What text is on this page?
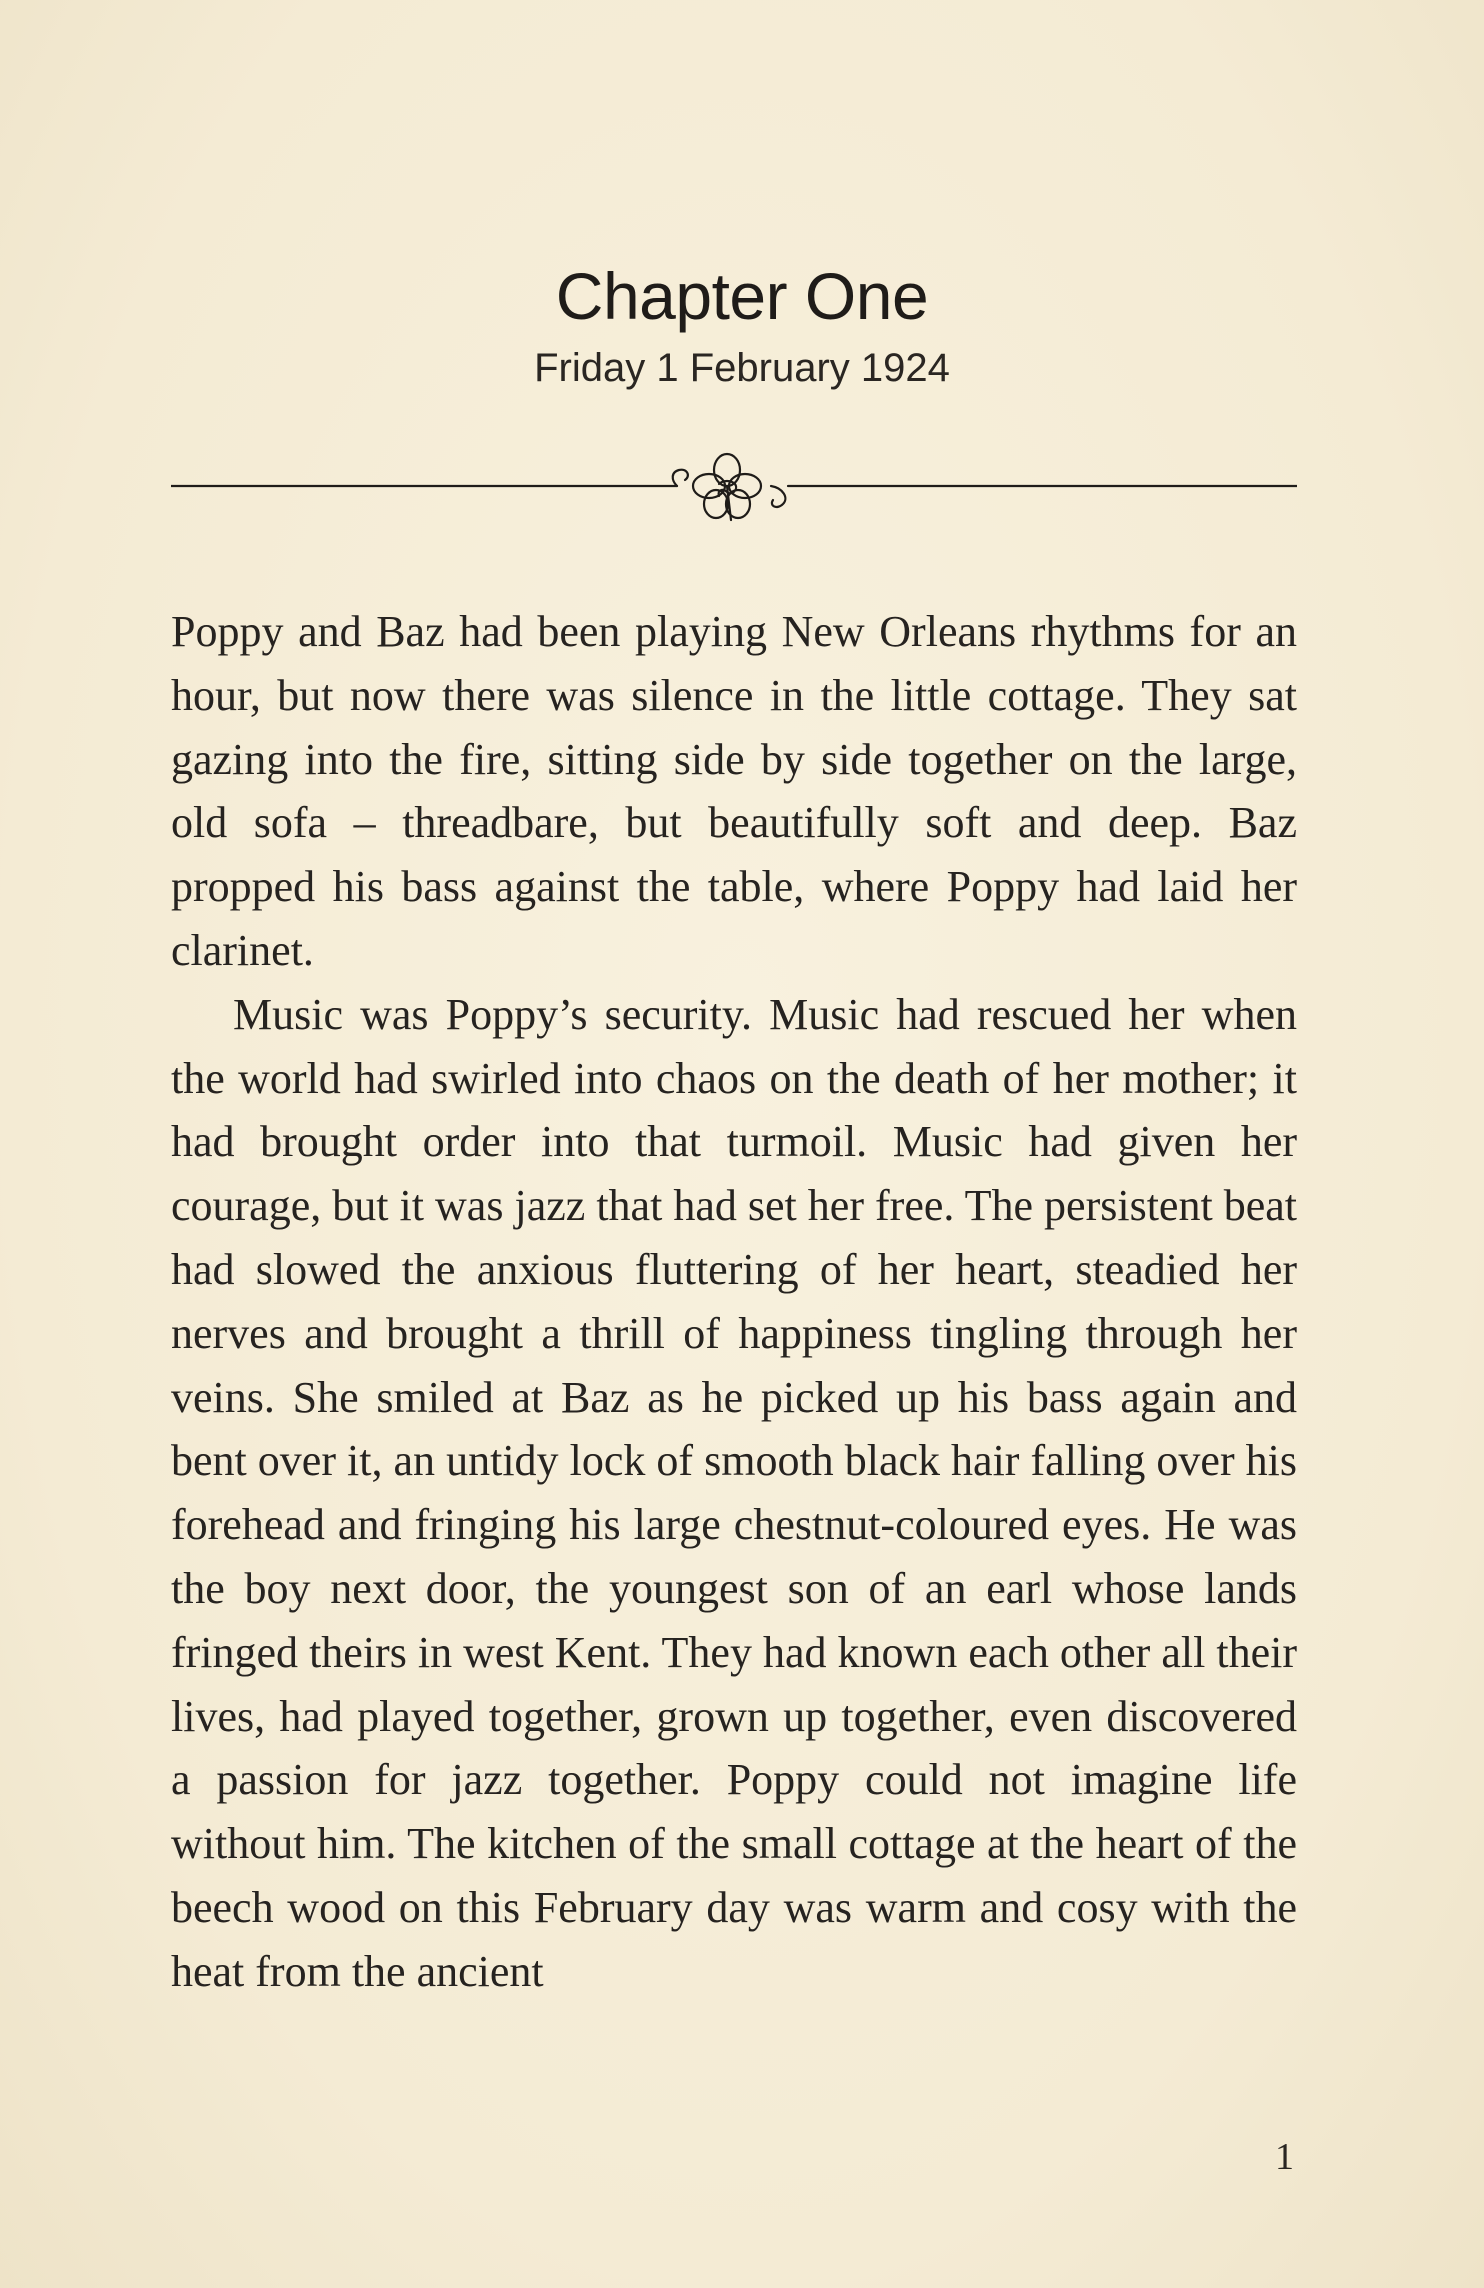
Chapter One
Friday 1 February 1924

Poppy and Baz had been playing New Orleans rhythms for an hour, but now there was silence in the little cottage. They sat gazing into the fire, sitting side by side together on the large, old sofa – threadbare, but beautifully soft and deep. Baz propped his bass against the table, where Poppy had laid her clarinet.

Music was Poppy’s security. Music had rescued her when the world had swirled into chaos on the death of her mother; it had brought order into that turmoil. Music had given her courage, but it was jazz that had set her free. The persistent beat had slowed the anxious fluttering of her heart, steadied her nerves and brought a thrill of happiness tingling through her veins. She smiled at Baz as he picked up his bass again and bent over it, an untidy lock of smooth black hair falling over his forehead and fringing his large chestnut-coloured eyes. He was the boy next door, the youngest son of an earl whose lands fringed theirs in west Kent. They had known each other all their lives, had played together, grown up together, even discovered a passion for jazz together. Poppy could not imagine life without him. The kitchen of the small cottage at the heart of the beech wood on this February day was warm and cosy with the heat from the ancient

1
